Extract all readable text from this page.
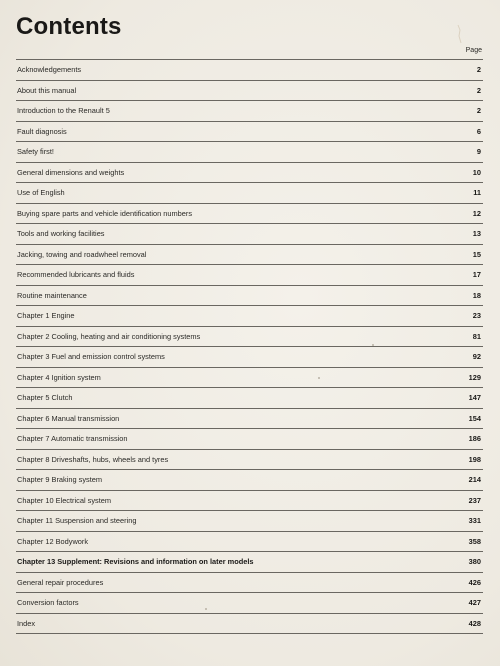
Contents
Page
Acknowledgements	2
About this manual	2
Introduction to the Renault 5	2
Fault diagnosis	6
Safety first!	9
General dimensions and weights	10
Use of English	11
Buying spare parts and vehicle identification numbers	12
Tools and working facilities	13
Jacking, towing and roadwheel removal	15
Recommended lubricants and fluids	17
Routine maintenance	18
Chapter 1 Engine	23
Chapter 2 Cooling, heating and air conditioning systems	81
Chapter 3 Fuel and emission control systems	92
Chapter 4 Ignition system	129
Chapter 5 Clutch	147
Chapter 6 Manual transmission	154
Chapter 7 Automatic transmission	186
Chapter 8 Driveshafts, hubs, wheels and tyres	198
Chapter 9 Braking system	214
Chapter 10 Electrical system	237
Chapter 11 Suspension and steering	331
Chapter 12 Bodywork	358
Chapter 13 Supplement: Revisions and information on later models	380
General repair procedures	426
Conversion factors	427
Index	428
